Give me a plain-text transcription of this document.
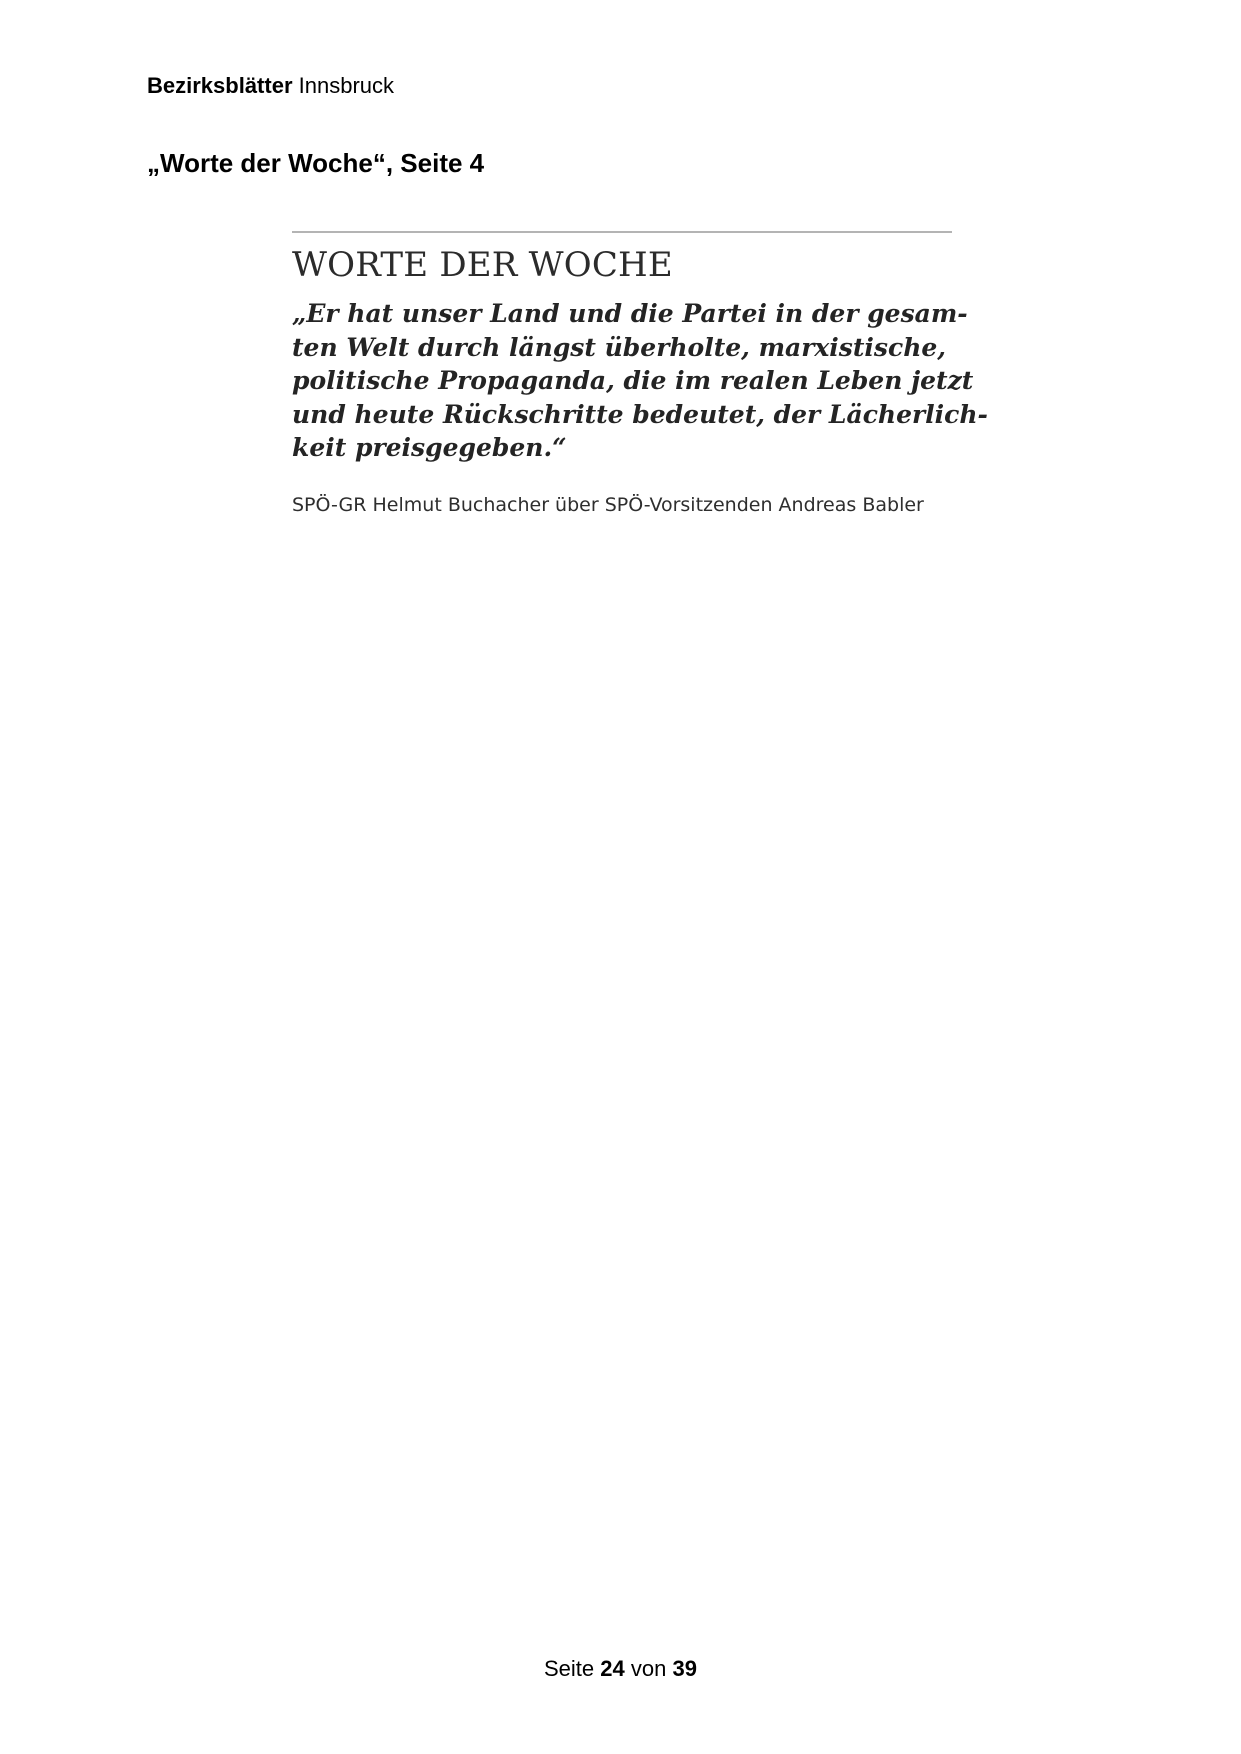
Bezirksblätter Innsbruck
„Worte der Woche“, Seite 4
WORTE DER WOCHE
„Er hat unser Land und die Partei in der gesam-
ten Welt durch längst überholte, marxistische,
politische Propaganda, die im realen Leben jetzt
und heute Rückschritte bedeutet, der Lächerlich-
keit preisgegeben.“
SPÖ-GR Helmut Buchacher über SPÖ-Vorsitzenden Andreas Babler
Seite 24 von 39
